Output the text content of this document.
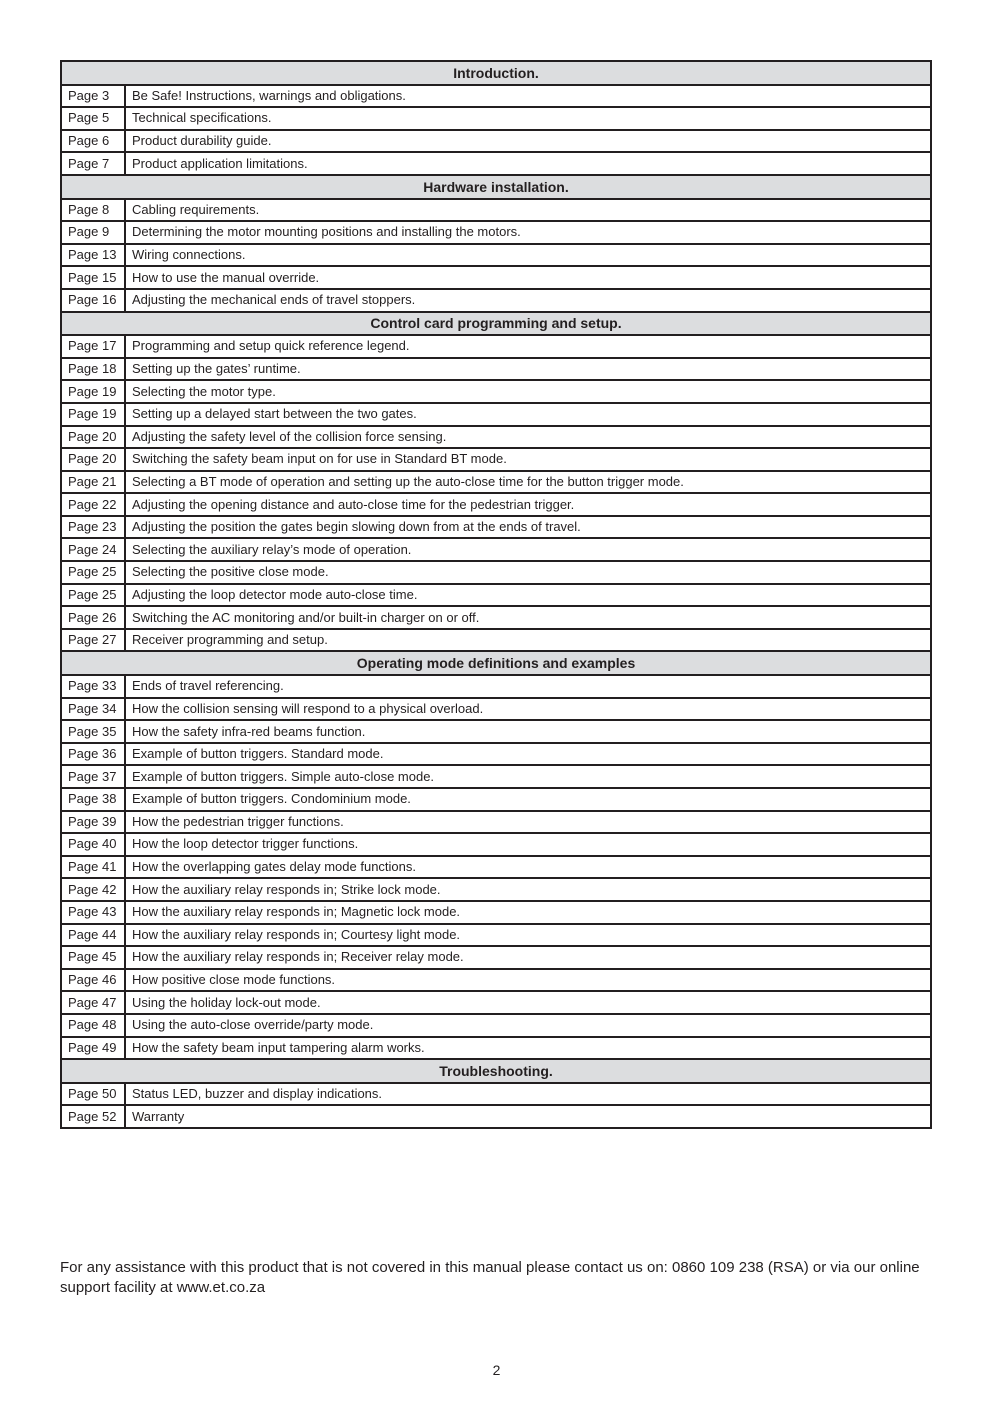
Introduction.	
Page 3	Be Safe! Instructions, warnings and obligations.
Page 5	Technical specifications.
Page 6	Product durability guide.
Page 7	Product application limitations.
Hardware installation.	
Page 8	Cabling requirements.
Page 9	Determining the motor mounting positions and installing the motors.
Page 13	Wiring connections.
Page 15	How to use the manual override.
Page 16	Adjusting the mechanical ends of travel stoppers.
Control card programming and setup.	
Page 17	Programming and setup quick reference legend.
Page 18	Setting up the gates’ runtime.
Page 19	Selecting the motor type.
Page 19	Setting up a delayed start between the two gates.
Page 20	Adjusting the safety level of the collision force sensing.
Page 20	Switching the safety beam input on for use in Standard BT mode.
Page 21	Selecting a BT mode of operation and setting up the auto-close time for the button trigger mode.
Page 22	Adjusting the opening distance and auto-close time for the pedestrian trigger.
Page 23	Adjusting the position the gates begin slowing down from at the ends of travel.
Page 24	Selecting the auxiliary relay’s mode of operation.
Page 25	Selecting the positive close mode.
Page 25	Adjusting the loop detector mode auto-close time.
Page 26	Switching the AC monitoring and/or built-in charger on or off.
Page 27	Receiver programming and setup.
Operating mode definitions and examples	
Page 33	Ends of travel referencing.
Page 34	How the collision sensing will respond to a physical overload.
Page 35	How the safety infra-red beams function.
Page 36	Example of button triggers. Standard mode.
Page 37	Example of button triggers. Simple auto-close mode.
Page 38	Example of button triggers. Condominium mode.
Page 39	How the pedestrian trigger functions.
Page 40	How the loop detector trigger functions.
Page 41	How the overlapping gates delay mode functions.
Page 42	How the auxiliary relay responds in; Strike lock mode.
Page 43	How the auxiliary relay responds in; Magnetic lock mode.
Page 44	How the auxiliary relay responds in; Courtesy light mode.
Page 45	How the auxiliary relay responds in; Receiver relay mode.
Page 46	How positive close mode functions.
Page 47	Using the holiday lock-out mode.
Page 48	Using the auto-close override/party mode.
Page 49	How the safety beam input tampering alarm works.
Troubleshooting.	
Page 50	Status LED, buzzer and display indications.
Page 52	Warranty
For any assistance with this product that is not covered in this manual please contact us on: 0860 109 238 (RSA) or via our online support facility at www.et.co.za
2
